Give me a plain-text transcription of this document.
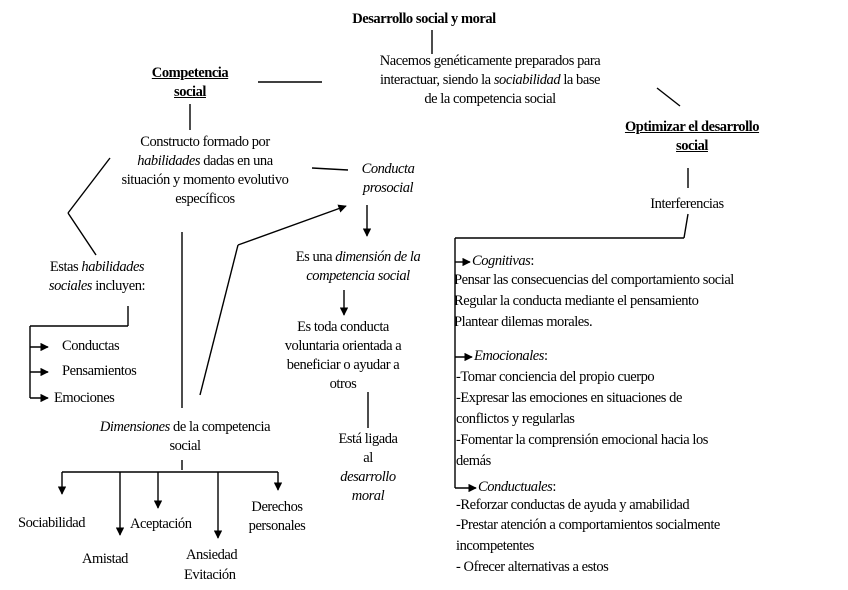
Desarrollo social y moral
Nacemos genéticamente preparados para
interactuar, siendo la sociabilidad la base
de la competencia social
Competencia
social
Constructo formado por
habilidades dadas en una
situación y momento evolutivo
específicos
Estas habilidades
sociales incluyen:
Conductas
Pensamientos
Emociones
Dimensiones de la competencia
social
Sociabilidad
Amistad
Aceptación
Ansiedad
Evitación
Derechos
personales
Conducta
prosocial
Es una dimensión de la
competencia social
Es toda conducta
voluntaria orientada a
beneficiar o ayudar a
otros
Está ligada
al
desarrollo
moral
Optimizar el desarrollo
social
Interferencias
Cognitivas:
Pensar las consecuencias del comportamiento social
Regular la conducta mediante el pensamiento
Plantear dilemas morales.
Emocionales:
-Tomar conciencia del propio cuerpo
-Expresar las emociones en situaciones de
conflictos y regularlas
-Fomentar la comprensión emocional hacia los
demás
Conductuales:
-Reforzar conductas de ayuda y amabilidad
-Prestar atención a comportamientos socialmente
incompetentes
- Ofrecer alternativas a estos
